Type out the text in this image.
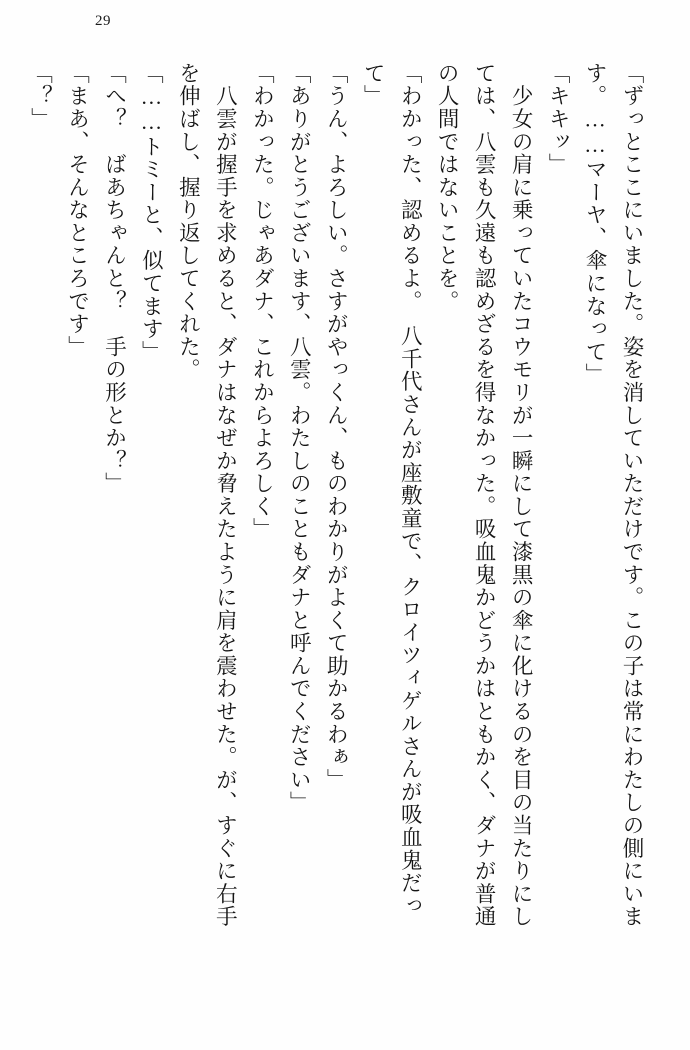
29
「ずっとここにいました。姿を消していただけです。この子は常にわたしの側にいま
す。……マーヤ、傘になって」
「キキッ」
　少女の肩に乗っていたコウモリが一瞬にして漆黒の傘に化けるのを目の当たりにし
ては、八雲も久遠も認めざるを得なかった。吸血鬼かどうかはともかく、ダナが普通
の人間ではないことを。
「わかった、認めるよ。　八千代さんが座敷童で、クロイツィゲルさんが吸血鬼だっ
て」
「うん、よろしい。さすがやっくん、ものわかりがよくて助かるわぁ」
「ありがとうございます、八雲。わたしのこともダナと呼んでください」
「わかった。じゃあダナ、これからよろしく」
　八雲が握手を求めると、ダナはなぜか脅えたように肩を震わせた。が、すぐに右手
を伸ばし、握り返してくれた。
「……トミーと、似てます」
「へ？　ばあちゃんと？　手の形とか？」
「まあ、そんなところです」
「？」
